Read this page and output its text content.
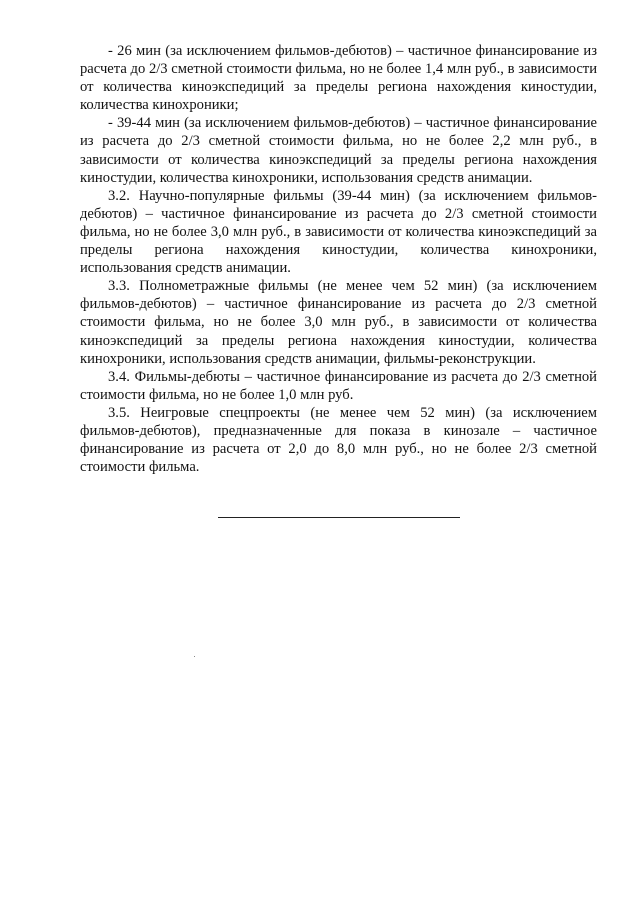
- 26 мин (за исключением фильмов-дебютов) – частичное финансирование из расчета до 2/3 сметной стоимости фильма, но не более 1,4 млн руб., в зависимости от количества киноэкспедиций за пределы региона нахождения киностудии, количества кинохроники;

- 39-44 мин (за исключением фильмов-дебютов) – частичное финансирование из расчета до 2/3 сметной стоимости фильма, но не более 2,2 млн руб., в зависимости от количества киноэкспедиций за пределы региона нахождения киностудии, количества кинохроники, использования средств анимации.

3.2. Научно-популярные фильмы (39-44 мин) (за исключением фильмов-дебютов) – частичное финансирование из расчета до 2/3 сметной стоимости фильма, но не более 3,0 млн руб., в зависимости от количества киноэкспедиций за пределы региона нахождения киностудии, количества кинохроники, использования средств анимации.

3.3. Полнометражные фильмы (не менее чем 52 мин) (за исключением фильмов-дебютов) – частичное финансирование из расчета до 2/3 сметной стоимости фильма, но не более 3,0 млн руб., в зависимости от количества киноэкспедиций за пределы региона нахождения киностудии, количества кинохроники, использования средств анимации, фильмы-реконструкции.

3.4. Фильмы-дебюты – частичное финансирование из расчета до 2/3 сметной стоимости фильма, но не более 1,0 млн руб.

3.5. Неигровые спецпроекты (не менее чем 52 мин) (за исключением фильмов-дебютов), предназначенные для показа в кинозале – частичное финансирование из расчета от 2,0 до 8,0 млн руб., но не более 2/3 сметной стоимости фильма.
